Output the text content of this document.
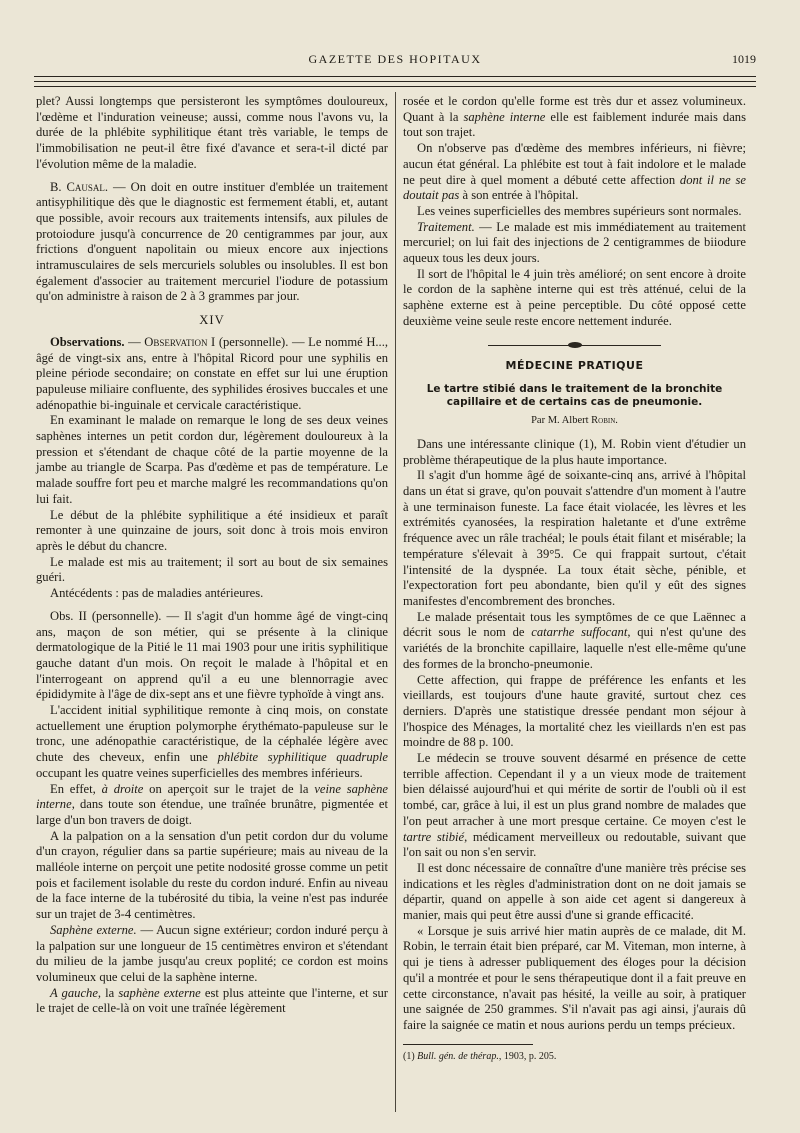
GAZETTE DES HOPITAUX	1019

plet? Aussi longtemps que persisteront les symptômes douloureux, l'œdème et l'induration veineuse; aussi, comme nous l'avons vu, la durée de la phlébite syphilitique étant très variable, le temps de l'immobilisation ne peut-il être fixé d'avance et sera-t-il dicté par l'évolution même de la maladie.

B. Causal. — On doit en outre instituer d'emblée un traitement antisyphilitique dès que le diagnostic est fermement établi, et, autant que possible, avoir recours aux traitements intensifs, aux pilules de protoiodure jusqu'à concurrence de 20 centigrammes par jour, aux frictions d'onguent napolitain ou mieux encore aux injections intramusculaires de sels mercuriels solubles ou insolubles. Il est bon également d'associer au traitement mercuriel l'iodure de potassium qu'on administre à raison de 2 à 3 grammes par jour.

XIV

Observations. — Observation I (personnelle). — Le nommé H..., âgé de vingt-six ans, entre à l'hôpital Ricord pour une syphilis en pleine période secondaire; on constate en effet sur lui une éruption papuleuse miliaire confluente, des syphilides érosives buccales et une adénopathie bi-inguinale et cervicale caractéristique.

En examinant le malade on remarque le long de ses deux veines saphènes internes un petit cordon dur, légèrement douloureux à la pression et s'étendant de chaque côté de la partie moyenne de la jambe au triangle de Scarpa. Pas d'œdème et pas de température. Le malade souffre fort peu et marche malgré les recommandations qu'on lui fait.

Le début de la phlébite syphilitique a été insidieux et paraît remonter à une quinzaine de jours, soit donc à trois mois environ après le début du chancre.

Le malade est mis au traitement; il sort au bout de six semaines guéri.

Antécédents : pas de maladies antérieures.

Obs. II (personnelle). — Il s'agit d'un homme âgé de vingt-cinq ans, maçon de son métier, qui se présente à la clinique dermatologique de la Pitié le 11 mai 1903 pour une iritis syphilitique gauche datant d'un mois. On reçoit le malade à l'hôpital et en l'interrogeant on apprend qu'il a eu une blennorragie avec épididymite à l'âge de dix-sept ans et une fièvre typhoïde à vingt ans.

L'accident initial syphilitique remonte à cinq mois, on constate actuellement une éruption polymorphe érythémato-papuleuse sur le tronc, une adénopathie caractéristique, de la céphalée légère avec chute des cheveux, enfin une phlébite syphilitique quadruple occupant les quatre veines superficielles des membres inférieurs.

En effet, à droite on aperçoit sur le trajet de la veine saphène interne, dans toute son étendue, une traînée brunâtre, pigmentée et large d'un bon travers de doigt.

A la palpation on a la sensation d'un petit cordon dur du volume d'un crayon, régulier dans sa partie supérieure; mais au niveau de la malléole interne on perçoit une petite nodosité grosse comme un petit pois et facilement isolable du reste du cordon induré. Enfin au niveau de la face interne de la tubérosité du tibia, la veine n'est pas indurée sur un trajet de 3-4 centimètres.

Saphène externe. — Aucun signe extérieur; cordon induré perçu à la palpation sur une longueur de 15 centimètres environ et s'étendant du milieu de la jambe jusqu'au creux poplité; ce cordon est moins volumineux que celui de la saphène interne.

A gauche, la saphène externe est plus atteinte que l'interne, et sur le trajet de celle-là on voit une traînée légèrement

rosée et le cordon qu'elle forme est très dur et assez volumineux. Quant à la saphène interne elle est faiblement indurée mais dans tout son trajet.

On n'observe pas d'œdème des membres inférieurs, ni fièvre; aucun état général. La phlébite est tout à fait indolore et le malade ne peut dire à quel moment a débuté cette affection dont il ne se doutait pas à son entrée à l'hôpital.

Les veines superficielles des membres supérieurs sont normales.

Traitement. — Le malade est mis immédiatement au traitement mercuriel; on lui fait des injections de 2 centigrammes de biiodure aqueux tous les deux jours.

Il sort de l'hôpital le 4 juin très amélioré; on sent encore à droite le cordon de la saphène interne qui est très atténué, celui de la saphène externe est à peine perceptible. Du côté opposé cette deuxième veine seule reste encore nettement indurée.

MÉDECINE PRATIQUE

Le tartre stibié dans le traitement de la bronchite capillaire et de certains cas de pneumonie.

Par M. Albert Robin.

Dans une intéressante clinique (1), M. Robin vient d'étudier un problème thérapeutique de la plus haute importance.

Il s'agit d'un homme âgé de soixante-cinq ans, arrivé à l'hôpital dans un état si grave, qu'on pouvait s'attendre d'un moment à l'autre à une terminaison funeste. La face était violacée, les lèvres et les extrémités cyanosées, la respiration haletante et d'une extrême fréquence avec un râle trachéal; le pouls était filant et misérable; la température s'élevait à 39°5. Ce qui frappait surtout, c'était l'intensité de la dyspnée. La toux était sèche, pénible, et l'expectoration fort peu abondante, bien qu'il y eût des signes manifestes d'encombrement des bronches.

Le malade présentait tous les symptômes de ce que Laënnec a décrit sous le nom de catarrhe suffocant, qui n'est qu'une des variétés de la bronchite capillaire, laquelle n'est elle-même qu'une des formes de la broncho-pneumonie.

Cette affection, qui frappe de préférence les enfants et les vieillards, est toujours d'une haute gravité, surtout chez ces derniers. D'après une statistique dressée pendant mon séjour à l'hospice des Ménages, la mortalité chez les vieillards n'en est pas moindre de 88 p. 100.

Le médecin se trouve souvent désarmé en présence de cette terrible affection. Cependant il y a un vieux mode de traitement bien délaissé aujourd'hui et qui mérite de sortir de l'oubli où il est tombé, car, grâce à lui, il est un plus grand nombre de malades que l'on peut arracher à une mort presque certaine. Ce moyen c'est le tartre stibié, médicament merveilleux ou redoutable, suivant que l'on sait ou non s'en servir.

Il est donc nécessaire de connaître d'une manière très précise ses indications et les règles d'administration dont on ne doit jamais se départir, quand on appelle à son aide cet agent si dangereux à manier, mais qui peut être aussi d'une si grande efficacité.

« Lorsque je suis arrivé hier matin auprès de ce malade, dit M. Robin, le terrain était bien préparé, car M. Viteman, mon interne, à qui je tiens à adresser publiquement des éloges pour la décision qu'il a montrée et pour le sens thérapeutique dont il a fait preuve en cette circonstance, n'avait pas hésité, la veille au soir, à pratiquer une saignée de 250 grammes. S'il n'avait pas agi ainsi, j'aurais dû faire la saignée ce matin et nous aurions perdu un temps précieux.

(1) Bull. gén. de thérap., 1903, p. 205.
